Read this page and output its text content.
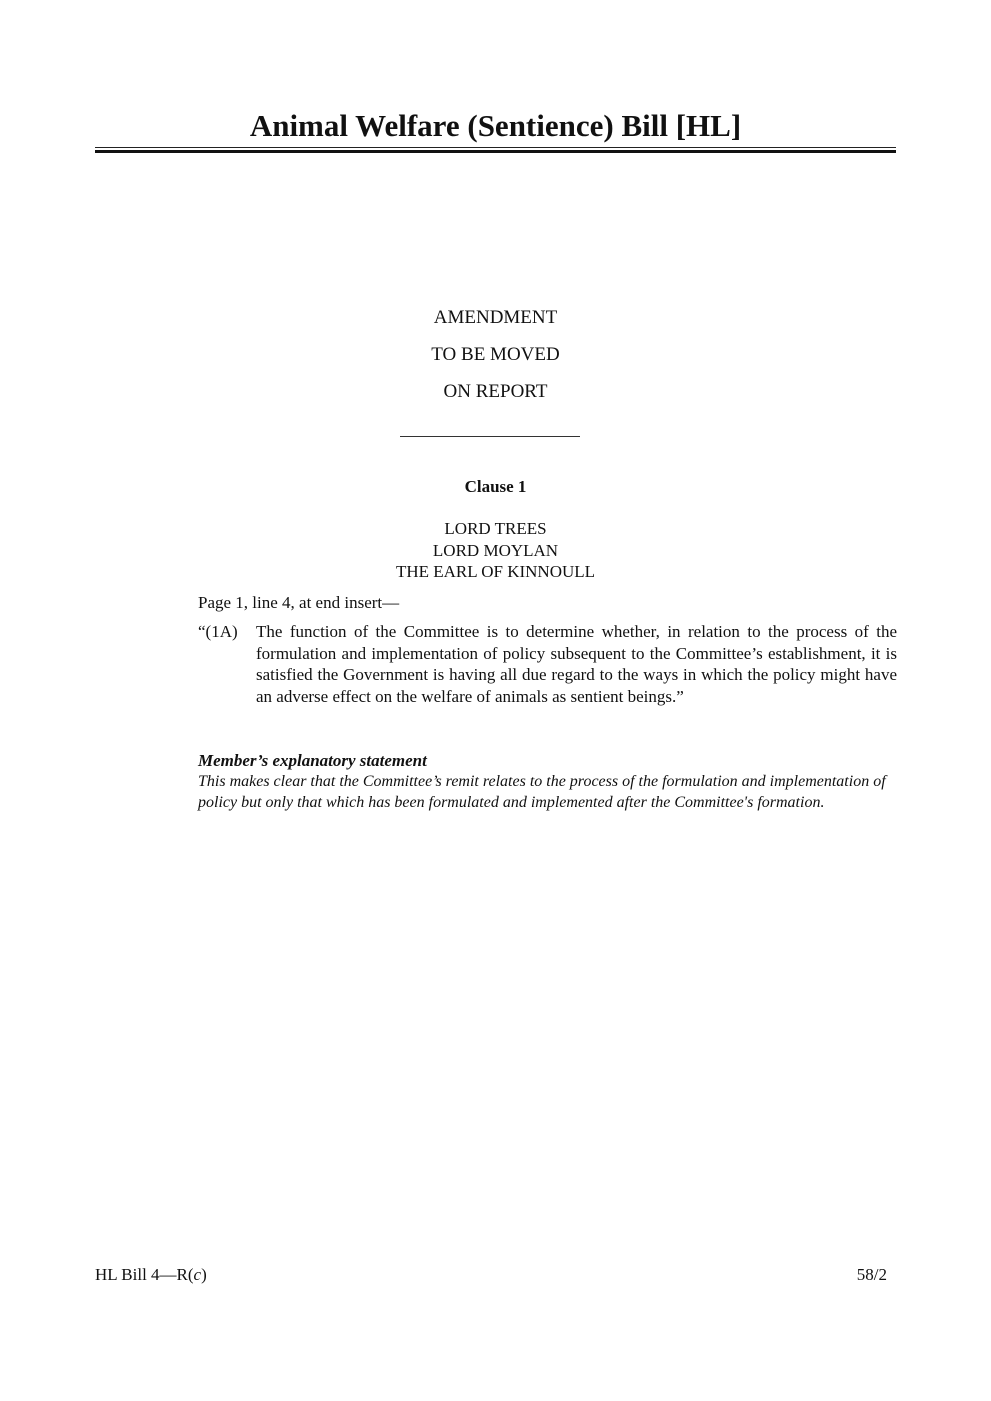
Animal Welfare (Sentience) Bill [HL]
AMENDMENT
TO BE MOVED
ON REPORT
Clause 1
LORD TREES
LORD MOYLAN
THE EARL OF KINNOULL
Page 1, line 4, at end insert—
“(1A) The function of the Committee is to determine whether, in relation to the process of the formulation and implementation of policy subsequent to the Committee’s establishment, it is satisfied the Government is having all due regard to the ways in which the policy might have an adverse effect on the welfare of animals as sentient beings.”
Member’s explanatory statement
This makes clear that the Committee’s remit relates to the process of the formulation and implementation of policy but only that which has been formulated and implemented after the Committee's formation.
HL Bill 4—R(c)	58/2
